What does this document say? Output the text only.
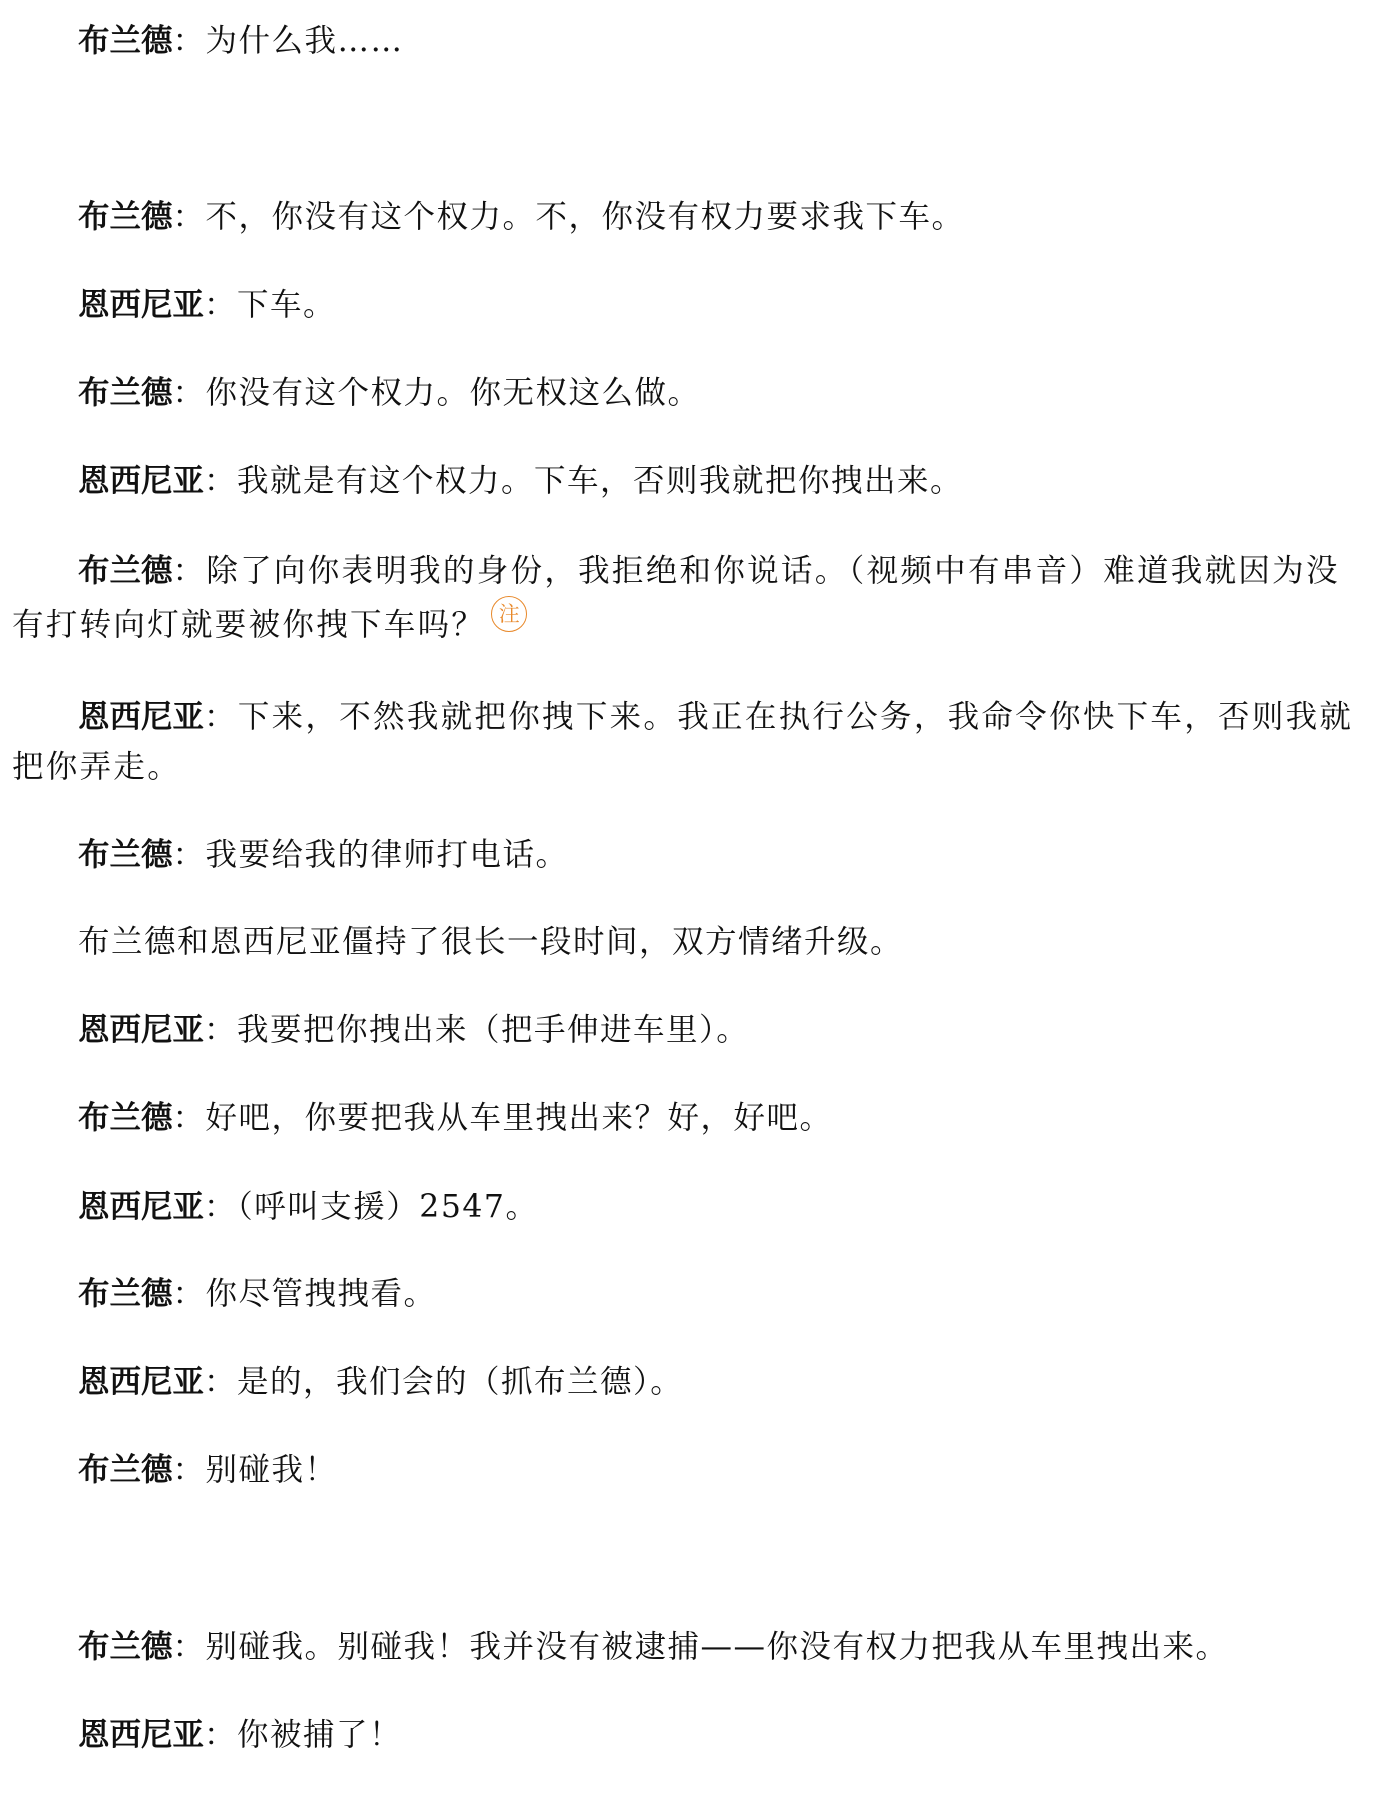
布兰德：为什么我……

布兰德：不，你没有这个权力。不，你没有权力要求我下车。

恩西尼亚：下车。

布兰德：你没有这个权力。你无权这么做。

恩西尼亚：我就是有这个权力。下车，否则我就把你拽出来。

布兰德：除了向你表明我的身份，我拒绝和你说话。（视频中有串音）难道我就因为没有打转向灯就要被你拽下车吗？ 注

恩西尼亚：下来，不然我就把你拽下来。我正在执行公务，我命令你快下车，否则我就把你弄走。

布兰德：我要给我的律师打电话。

布兰德和恩西尼亚僵持了很长一段时间，双方情绪升级。

恩西尼亚：我要把你拽出来（把手伸进车里）。

布兰德：好吧，你要把我从车里拽出来？好，好吧。

恩西尼亚：（呼叫支援）2547。

布兰德：你尽管拽拽看。

恩西尼亚：是的，我们会的（抓布兰德）。

布兰德：别碰我！

布兰德：别碰我。别碰我！我并没有被逮捕——你没有权力把我从车里拽出来。

恩西尼亚：你被捕了！
